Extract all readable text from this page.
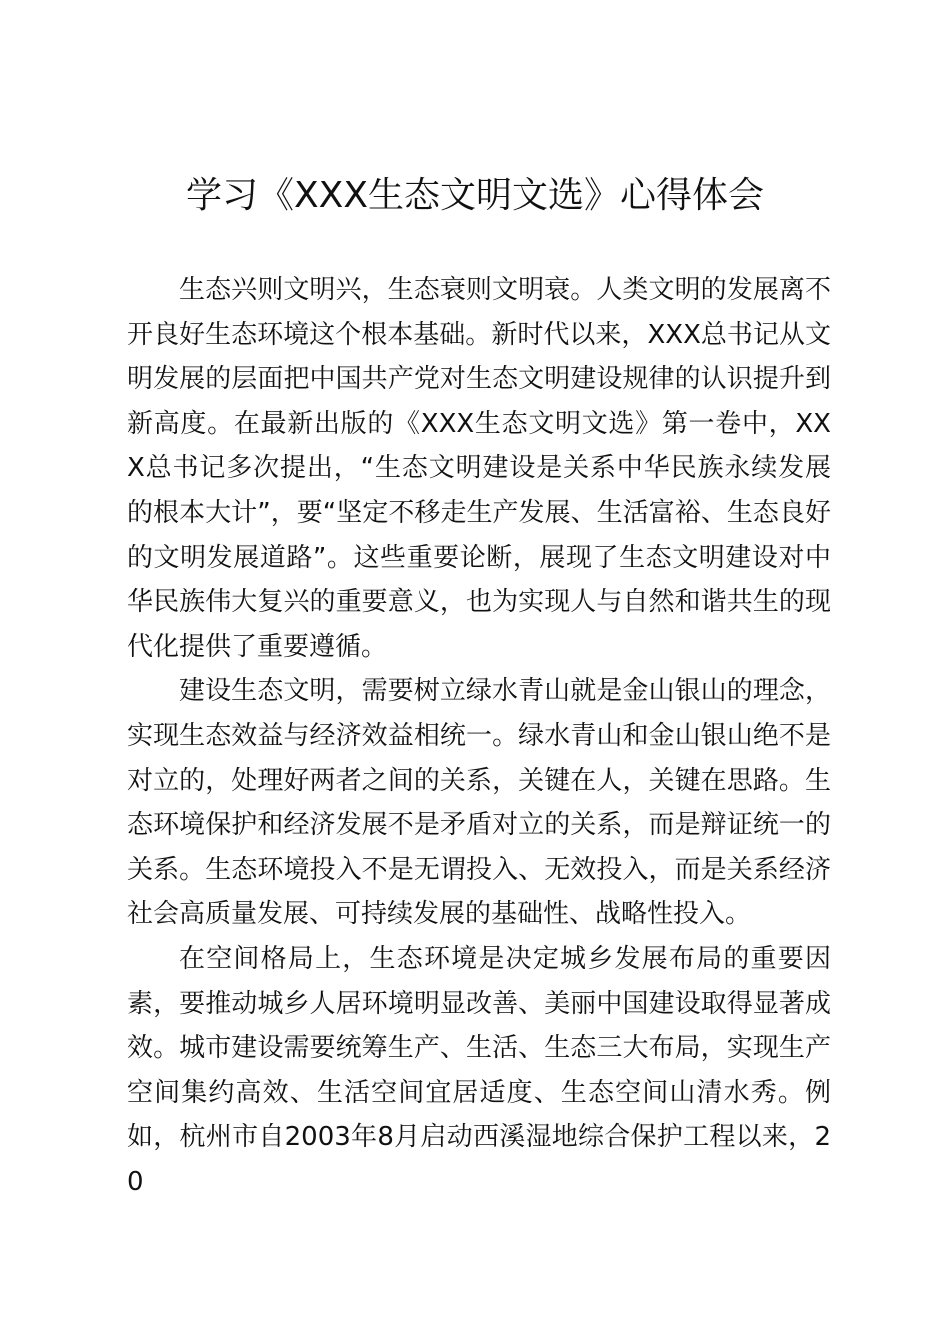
学习《XXX生态文明文选》心得体会

生态兴则文明兴，生态衰则文明衰。人类文明的发展离不开良好生态环境这个根本基础。新时代以来，XXX总书记从文明发展的层面把中国共产党对生态文明建设规律的认识提升到新高度。在最新出版的《XXX生态文明文选》第一卷中，XXX总书记多次提出，“生态文明建设是关系中华民族永续发展的根本大计”，要“坚定不移走生产发展、生活富裕、生态良好的文明发展道路”。这些重要论断，展现了生态文明建设对中华民族伟大复兴的重要意义，也为实现人与自然和谐共生的现代化提供了重要遵循。

建设生态文明，需要树立绿水青山就是金山银山的理念，实现生态效益与经济效益相统一。绿水青山和金山银山绝不是对立的，处理好两者之间的关系，关键在人，关键在思路。生态环境保护和经济发展不是矛盾对立的关系，而是辩证统一的关系。生态环境投入不是无谓投入、无效投入，而是关系经济社会高质量发展、可持续发展的基础性、战略性投入。

在空间格局上，生态环境是决定城乡发展布局的重要因素，要推动城乡人居环境明显改善、美丽中国建设取得显著成效。城市建设需要统筹生产、生活、生态三大布局，实现生产空间集约高效、生活空间宜居适度、生态空间山清水秀。例如，杭州市自2003年8月启动西溪湿地综合保护工程以来，20
